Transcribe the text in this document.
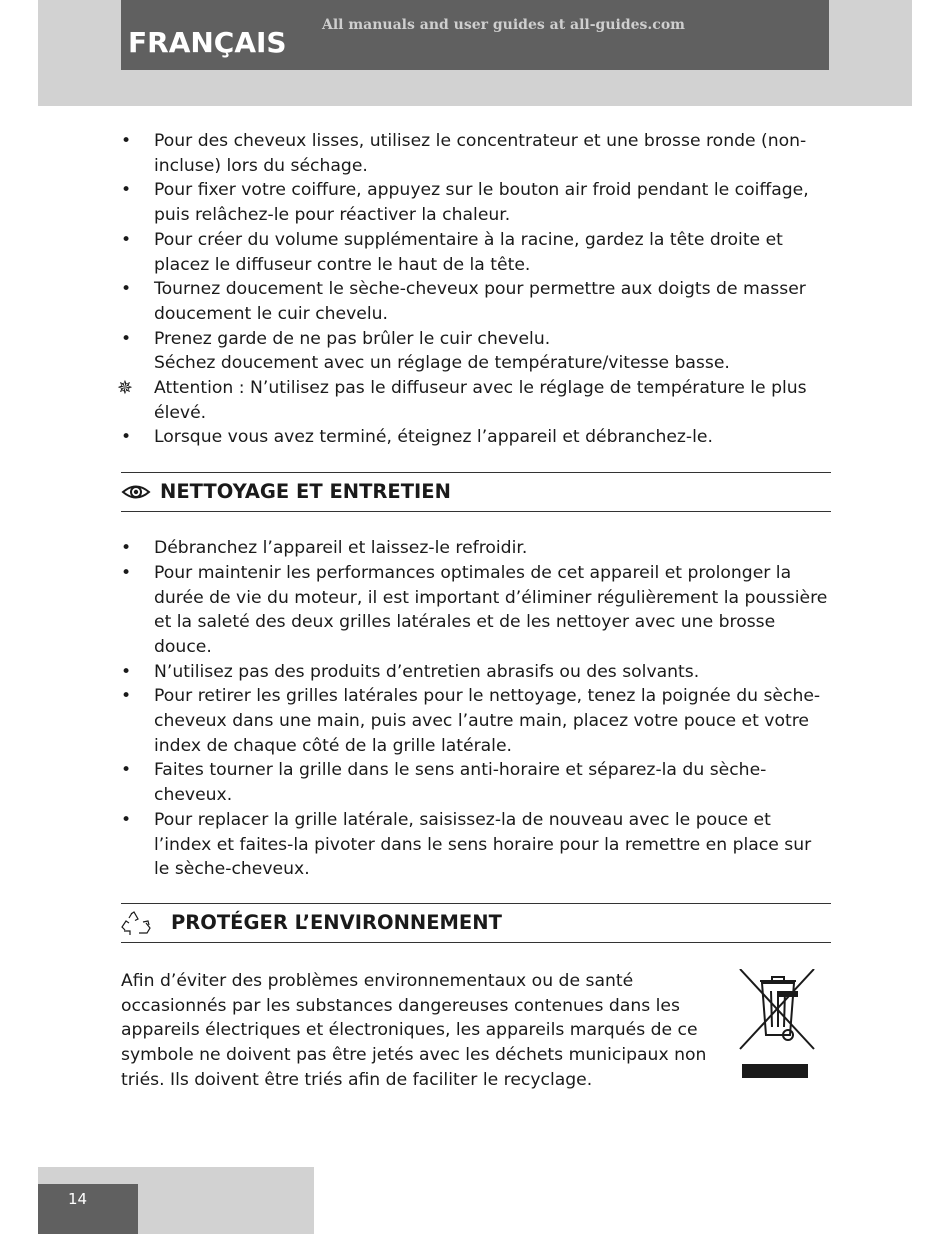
FRANÇAIS
All manuals and user guides at all-guides.com
• Pour des cheveux lisses, utilisez le concentrateur et une brosse ronde (non-incluse) lors du séchage.
• Pour fixer votre coiffure, appuyez sur le bouton air froid pendant le coiffage, puis relâchez-le pour réactiver la chaleur.
• Pour créer du volume supplémentaire à la racine, gardez la tête droite et placez le diffuseur contre le haut de la tête.
• Tournez doucement le sèche-cheveux pour permettre aux doigts de masser doucement le cuir chevelu.
• Prenez garde de ne pas brûler le cuir chevelu.
Séchez doucement avec un réglage de température/vitesse basse.
✵ Attention : N’utilisez pas le diffuseur avec le réglage de température le plus élevé.
• Lorsque vous avez terminé, éteignez l’appareil et débranchez-le.
NETTOYAGE ET ENTRETIEN
• Débranchez l’appareil et laissez-le refroidir.
• Pour maintenir les performances optimales de cet appareil et prolonger la durée de vie du moteur, il est important d’éliminer régulièrement la poussière et la saleté des deux grilles latérales et de les nettoyer avec une brosse douce.
• N’utilisez pas des produits d’entretien abrasifs ou des solvants.
• Pour retirer les grilles latérales pour le nettoyage, tenez la poignée du sèche-cheveux dans une main, puis avec l’autre main, placez votre pouce et votre index de chaque côté de la grille latérale.
• Faites tourner la grille dans le sens anti-horaire et séparez-la du sèche-cheveux.
• Pour replacer la grille latérale, saisissez-la de nouveau avec le pouce et l’index et faites-la pivoter dans le sens horaire pour la remettre en place sur le sèche-cheveux.
PROTÉGER L’ENVIRONNEMENT
Afin d’éviter des problèmes environnementaux ou de santé occasionnés par les substances dangereuses contenues dans les appareils électriques et électroniques, les appareils marqués de ce symbole ne doivent pas être jetés avec les déchets municipaux non triés. Ils doivent être triés afin de faciliter le recyclage.
14
